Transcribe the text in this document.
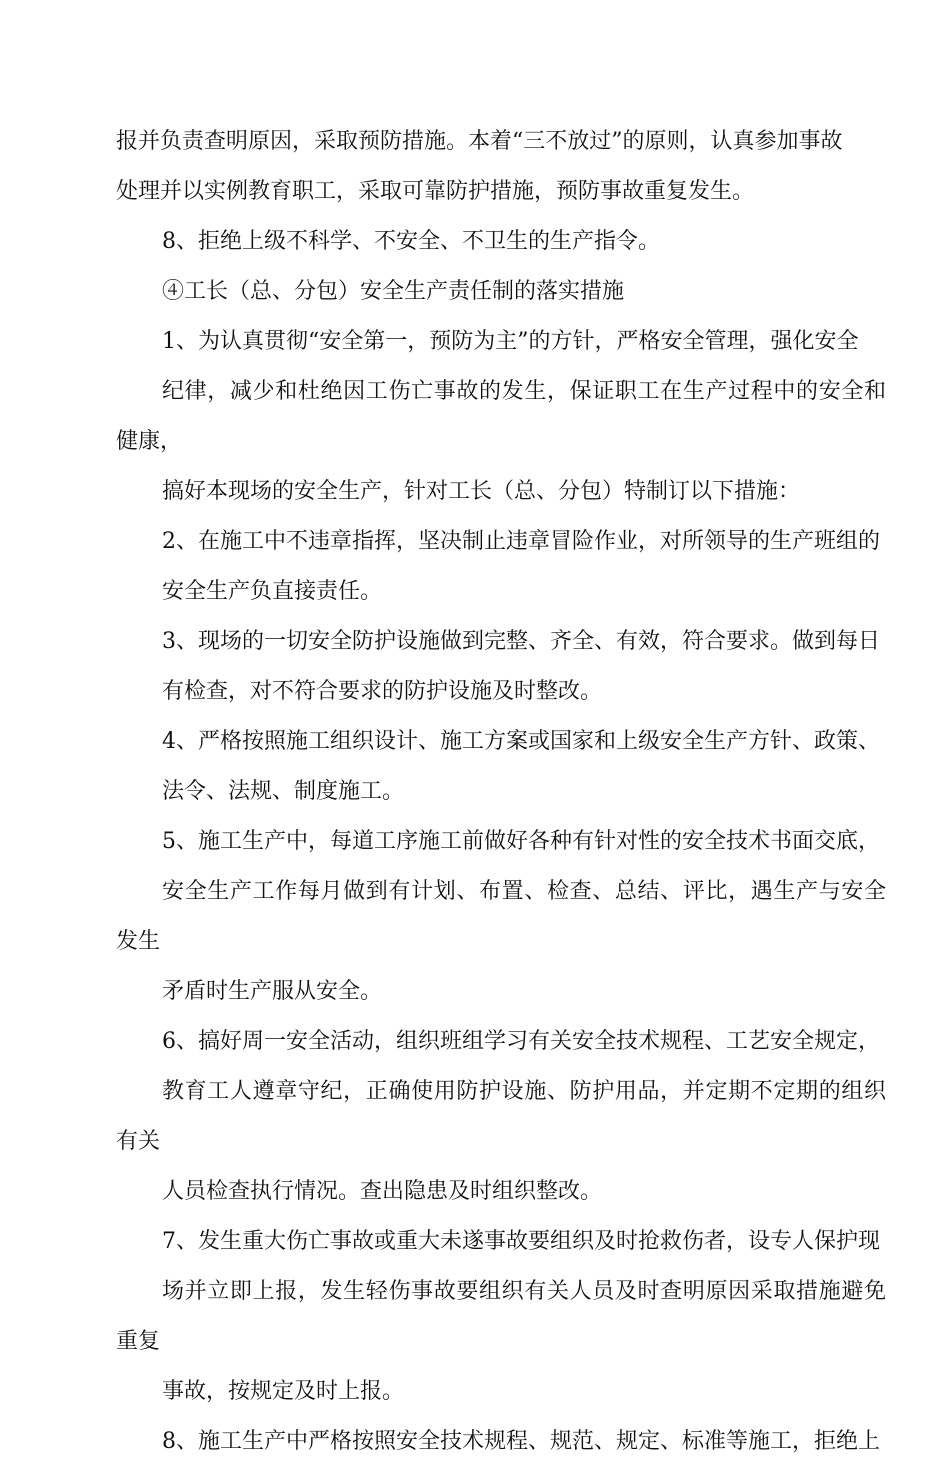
报并负责查明原因，采取预防措施。本着“三不放过”的原则，认真参加事故
处理并以实例教育职工，采取可靠防护措施，预防事故重复发生。

8、拒绝上级不科学、不安全、不卫生的生产指令。

④工长（总、分包）安全生产责任制的落实措施

1、为认真贯彻“安全第一，预防为主”的方针，严格安全管理，强化安全
纪律，减少和杜绝因工伤亡事故的发生，保证职工在生产过程中的安全和健康，
搞好本现场的安全生产，针对工长（总、分包）特制订以下措施：

2、在施工中不违章指挥，坚决制止违章冒险作业，对所领导的生产班组的
安全生产负直接责任。

3、现场的一切安全防护设施做到完整、齐全、有效，符合要求。做到每日
有检查，对不符合要求的防护设施及时整改。

4、严格按照施工组织设计、施工方案或国家和上级安全生产方针、政策、
法令、法规、制度施工。

5、施工生产中，每道工序施工前做好各种有针对性的安全技术书面交底，
安全生产工作每月做到有计划、布置、检查、总结、评比，遇生产与安全发生
矛盾时生产服从安全。

6、搞好周一安全活动，组织班组学习有关安全技术规程、工艺安全规定，
教育工人遵章守纪，正确使用防护设施、防护用品，并定期不定期的组织有关
人员检查执行情况。查出隐患及时组织整改。

7、发生重大伤亡事故或重大未遂事故要组织及时抢救伤者，设专人保护现
场并立即上报，发生轻伤事故要组织有关人员及时查明原因采取措施避免重复
事故，按规定及时上报。

8、施工生产中严格按照安全技术规程、规范、规定、标准等施工，拒绝上
